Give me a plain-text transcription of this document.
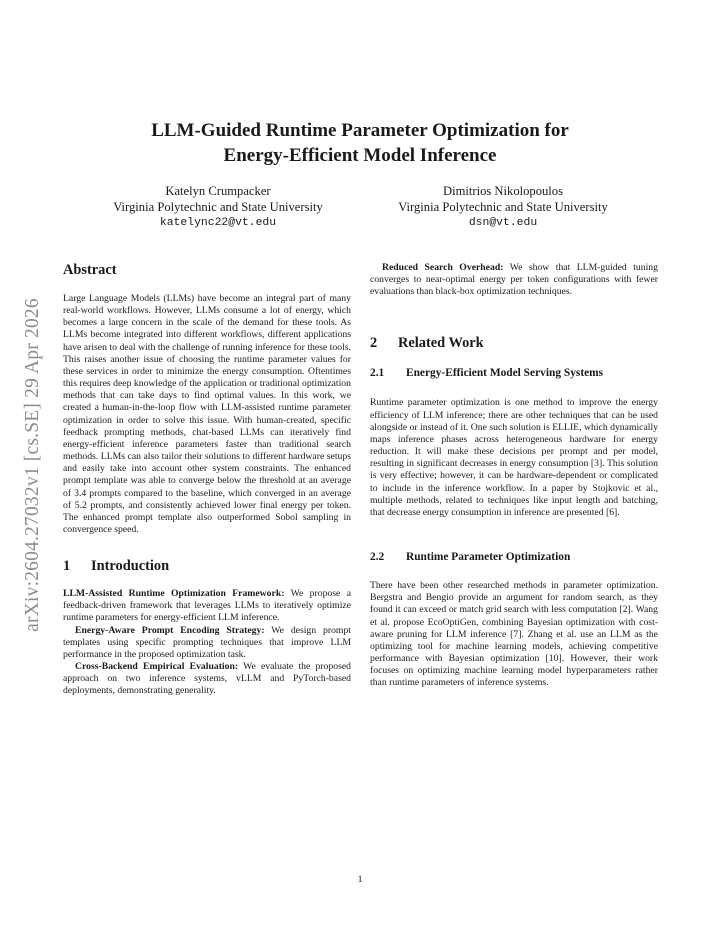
arXiv:2604.27032v1 [cs.SE] 29 Apr 2026
LLM-Guided Runtime Parameter Optimization for
Energy-Efficient Model Inference
Katelyn Crumpacker
Virginia Polytechnic and State University
katelync22@vt.edu
Dimitrios Nikolopoulos
Virginia Polytechnic and State University
dsn@vt.edu
Abstract

Large Language Models (LLMs) have become an integral part of many real-world workflows. However, LLMs consume a lot of energy, which becomes a large concern in the scale of the demand for these tools. As LLMs become integrated into different workflows, different applications have arisen to deal with the challenge of running inference for these tools. This raises another issue of choosing the runtime parameter values for these services in order to minimize the energy consumption. Oftentimes this requires deep knowledge of the application or traditional optimization methods that can take days to find optimal values. In this work, we created a human-in-the-loop flow with LLM-assisted runtime parameter optimization in order to solve this issue. With human-created, specific feedback prompting methods, chat-based LLMs can iteratively find energy-efficient inference parameters faster than traditional search methods. LLMs can also tailor their solutions to different hardware setups and easily take into account other system constraints. The enhanced prompt template was able to converge below the threshold at an average of 3.4 prompts compared to the baseline, which converged in an average of 5.2 prompts, and consistently achieved lower final energy per token. The enhanced prompt template also outperformed Sobol sampling in convergence speed.

1 Introduction

LLM-Assisted Runtime Optimization Framework: We propose a feedback-driven framework that leverages LLMs to iteratively optimize runtime parameters for energy-efficient LLM inference.

Energy-Aware Prompt Encoding Strategy: We design prompt templates using specific prompting techniques that improve LLM performance in the proposed optimization task.

Cross-Backend Empirical Evaluation: We evaluate the proposed approach on two inference systems, vLLM and PyTorch-based deployments, demonstrating generality.

Reduced Search Overhead: We show that LLM-guided tuning converges to near-optimal energy per token configurations with fewer evaluations than black-box optimization techniques.

2 Related Work
2.1	Energy-Efficient Model Serving Systems

Runtime parameter optimization is one method to improve the energy efficiency of LLM inference; there are other techniques that can be used alongside or instead of it. One such solution is ELLIE, which dynamically maps inference phases across heterogeneous hardware for energy reduction. It will make these decisions per prompt and per model, resulting in significant decreases in energy consumption [3]. This solution is very effective; however, it can be hardware-dependent or complicated to include in the inference workflow. In a paper by Stojkovic et al., multiple methods, related to techniques like input length and batching, that decrease energy consumption in inference are presented [6].

2.2	Runtime Parameter Optimization

There have been other researched methods in parameter optimization. Bergstra and Bengio provide an argument for random search, as they found it can exceed or match grid search with less computation [2]. Wang et al. propose EcoOptiGen, combining Bayesian optimization with cost-aware pruning for LLM inference [7]. Zhang et al. use an LLM as the optimizing tool for machine learning models, achieving competitive performance with Bayesian optimization [10]. However, their work focuses on optimizing machine learning model hyperparameters rather than runtime parameters of inference systems.

1
